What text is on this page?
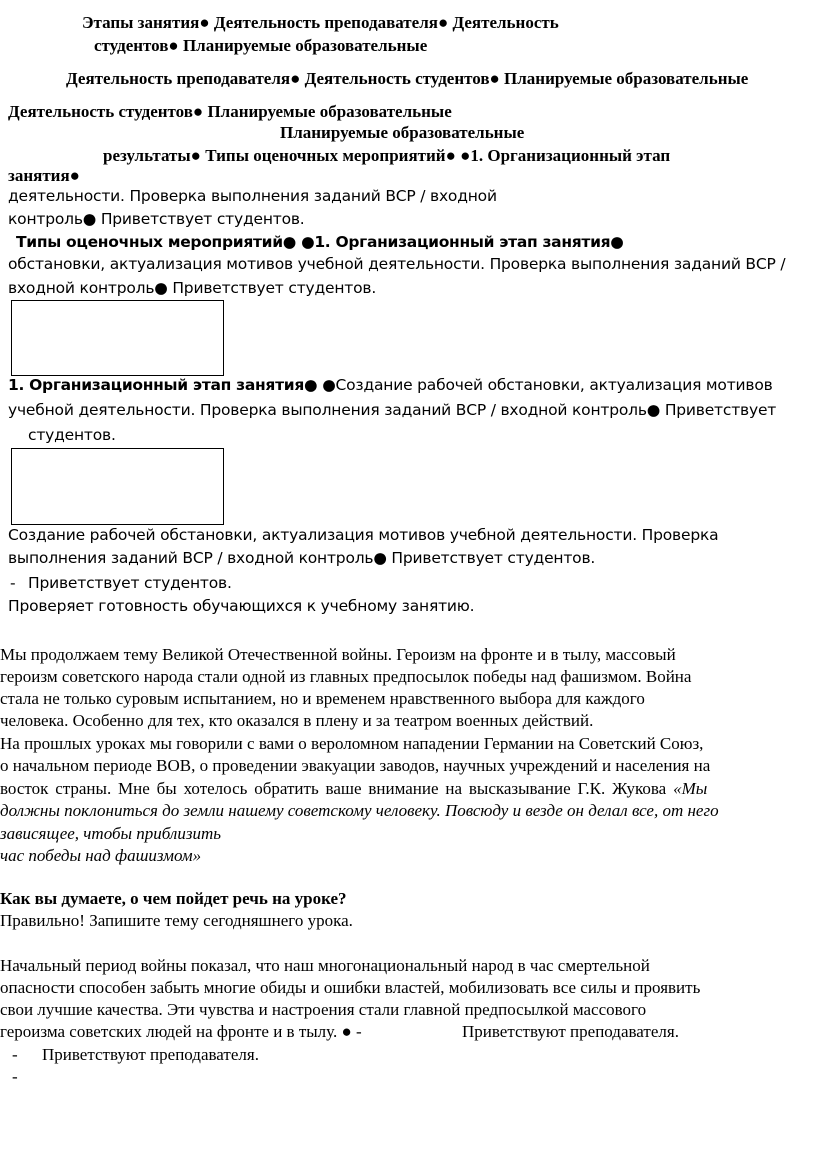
Этапы занятия● Деятельность преподавателя● Деятельность
студентов● Планируемые образовательные
Деятельность преподавателя● Деятельность студентов● Планируемые образовательные
Деятельность студентов● Планируемые образовательные
Планируемые образовательные
результаты● Типы оценочных мероприятий● ●1. Организационный этап
занятия●
деятельности. Проверка выполнения заданий ВСР / входной
контроль● Приветствует студентов.
Типы оценочных мероприятий● ●1. Организационный этап занятия●
обстановки, актуализация мотивов учебной деятельности. Проверка выполнения заданий ВСР /
входной контроль● Приветствует студентов.
1. Организационный этап занятия● ●Создание рабочей обстановки, актуализация мотивов
учебной деятельности. Проверка выполнения заданий ВСР / входной контроль● Приветствует
студентов.
Создание рабочей обстановки, актуализация мотивов учебной деятельности. Проверка
выполнения заданий ВСР / входной контроль● Приветствует студентов.
- Приветствует студентов.
Проверяет готовность обучающихся к учебному занятию.
Мы продолжаем тему Великой Отечественной войны. Героизм на фронте и в тылу, массовый
героизм советского народа стали одной из главных предпосылок победы над фашизмом. Война
стала не только суровым испытанием, но и временем нравственного выбора для каждого
человека. Особенно для тех, кто оказался в плену и за театром военных действий.
На прошлых уроках мы говорили с вами о вероломном нападении Германии на Советский Союз,
о начальном периоде ВОВ, о проведении эвакуации заводов, научных учреждений и населения на
восток страны. Мне бы хотелось обратить ваше внимание на высказывание Г.К. Жукова «Мы
должны поклониться до земли нашему советскому человеку. Повсюду и везде он делал все, от него
зависящее, чтобы приблизить
час победы над фашизмом»
Как вы думаете, о чем пойдет речь на уроке?
Правильно! Запишите тему сегодняшнего урока.
Начальный период войны показал, что наш многонациональный народ в час смертельной
опасности способен забыть многие обиды и ошибки властей, мобилизовать все силы и проявить
свои лучшие качества. Эти чувства и настроения стали главной предпосылкой массового
героизма советских людей на фронте и в тылу. ● -	Приветствуют преподавателя.
- Приветствуют преподавателя.
-
